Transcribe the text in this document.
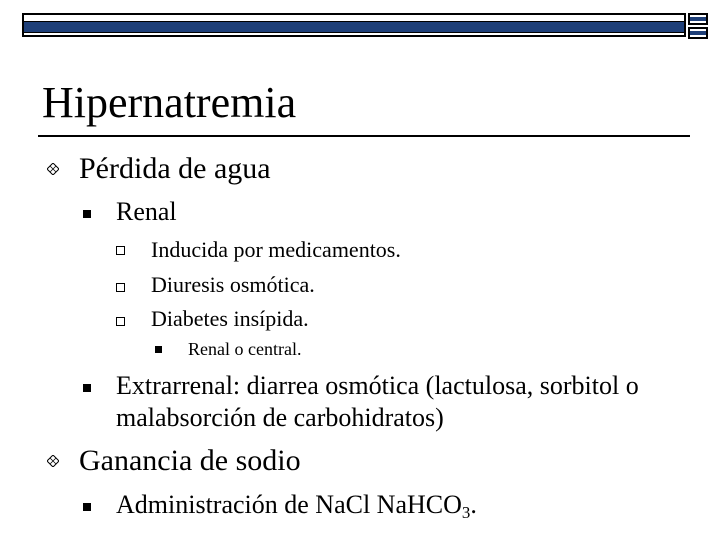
Hipernatremia
Pérdida de agua
Renal
Inducida por medicamentos.
Diuresis osmótica.
Diabetes insípida.
Renal o central.
Extrarrenal: diarrea osmótica (lactulosa, sorbitol o malabsorción de carbohidratos)
Ganancia de sodio
Administración de NaCl NaHCO$_3$.
